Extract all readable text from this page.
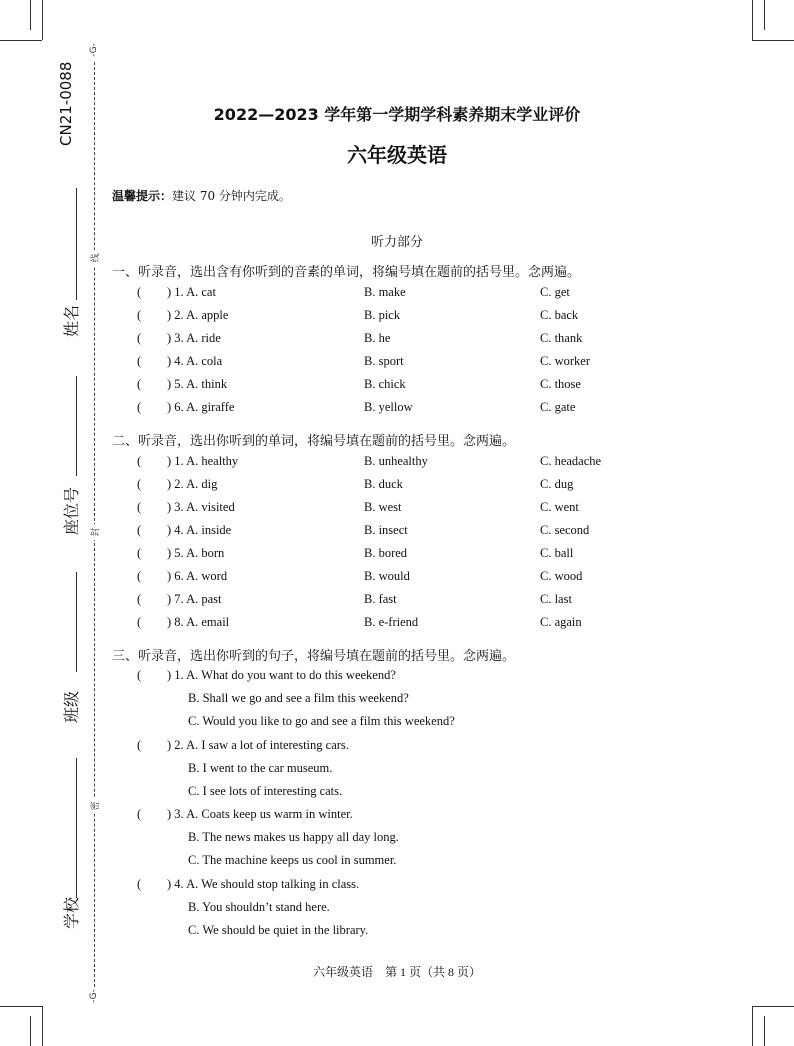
CN21-0088
-G-
-G-
线
封
密
姓名
座位号
班级
学校
2022—2023 学年第一学期学科素养期末学业评价
六年级英语
温馨提示：建议 70 分钟内完成。
听力部分
一、听录音，选出含有你听到的音素的单词，将编号填在题前的括号里。念两遍。
( ) 1. A. cat	B. make	C. get
( ) 2. A. apple	B. pick	C. back
( ) 3. A. ride	B. he	C. thank
( ) 4. A. cola	B. sport	C. worker
( ) 5. A. think	B. chick	C. those
( ) 6. A. giraffe	B. yellow	C. gate
二、听录音，选出你听到的单词，将编号填在题前的括号里。念两遍。
( ) 1. A. healthy	B. unhealthy	C. headache
( ) 2. A. dig	B. duck	C. dug
( ) 3. A. visited	B. west	C. went
( ) 4. A. inside	B. insect	C. second
( ) 5. A. born	B. bored	C. ball
( ) 6. A. word	B. would	C. wood
( ) 7. A. past	B. fast	C. last
( ) 8. A. email	B. e-friend	C. again
三、听录音，选出你听到的句子，将编号填在题前的括号里。念两遍。
( ) 1. A. What do you want to do this weekend?
B. Shall we go and see a film this weekend?
C. Would you like to go and see a film this weekend?
( ) 2. A. I saw a lot of interesting cars.
B. I went to the car museum.
C. I see lots of interesting cats.
( ) 3. A. Coats keep us warm in winter.
B. The news makes us happy all day long.
C. The machine keeps us cool in summer.
( ) 4. A. We should stop talking in class.
B. You shouldn’t stand here.
C. We should be quiet in the library.
六年级英语　第 1 页（共 8 页）
